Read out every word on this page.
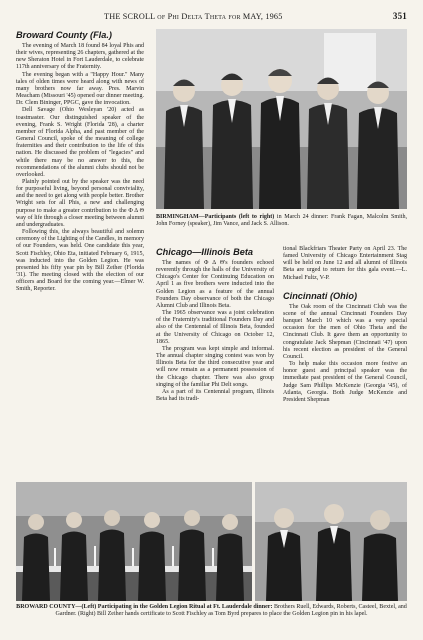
THE SCROLL of Phi Delta Theta for MAY, 1965	351
Broward County (Fla.)

The evening of March 18 found 84 loyal Phis and their wives, representing 26 chapters, gathered at the new Sheraton Hotel in Fort Lauderdale, to celebrate 117th anniversary of the Fraternity.

The evening began with a "Happy Hour." Many tales of olden times were heard along with news of many brothers now far away. Pres. Marvin Meacham (Missouri '45) opened our dinner meeting. Dr. Clem Bininger, PPGC, gave the invocation.

Dell Savage (Ohio Wesleyan '20) acted as toastmaster. Our distinguished speaker of the evening, Frank S. Wright (Florida '28), a charter member of Florida Alpha, and past member of the General Council, spoke of the meaning of college fraternities and their contribution to the life of this nation. He discussed the problem of "legacies" and while there may be no answer to this, the recommendations of the alumni clubs should not be overlooked.

Plainly pointed out by the speaker was the need for purposeful living, beyond personal conviviality, and the need to get along with people better. Brother Wright sets for all Phis, a new and challenging purpose to make a greater contribution to the Φ Δ Θ way of life through a closer meeting between alumni and undergraduates.

Following this, the always beautiful and solemn ceremony of the Lighting of the Candles, in memory of our Founders, was held. One candidate this year, Scott Fischley, Ohio Eta, initiated February 6, 1915, was inducted into the Golden Legion. He was presented his fifty year pin by Bill Zeiher (Florida '31). The meeting closed with the election of our officers and Board for the coming year.—Elmer W. Smith, Reporter.

BIRMINGHAM—Participants (left to right) in March 24 dinner: Frank Fagan, Malcolm Smith, John Forney (speaker), Jim Vance, and Jack S. Allison.
Chicago—Illinois Beta

The names of Φ Δ Θ's founders echoed reverently through the halls of the University of Chicago's Center for Continuing Education on April 1 as five brothers were inducted into the Golden Legion as a feature of the annual Founders Day observance of both the Chicago Alumni Club and Illinois Beta.

The 1965 observance was a joint celebration of the Fraternity's traditional Founders Day and also of the Centennial of Illinois Beta, founded at the University of Chicago on October 12, 1865.

The program was kept simple and informal. The annual chapter singing contest was won by Illinois Beta for the third consecutive year and will now remain as a permanent possession of the Chicago chapter. There was also group singing of the familiar Phi Delt songs.

As a part of its Centennial program, Illinois Beta had its tradi-

tional Blackfriars Theater Party on April 23. The famed University of Chicago Entertainment Stag will be held on June 12 and all alumni of Illinois Beta are urged to return for this gala event.—L. Michael Fultz, V-P.

Cincinnati (Ohio)

The Oak room of the Cincinnati Club was the scene of the annual Cincinnati Founders Day banquet March 10 which was a very special occasion for the men of Ohio Theta and the Cincinnati Club. It gave them an opportunity to congratulate Jack Shepman (Cincinnati '47) upon his recent election as president of the General Council.

To help make this occasion more festive an honor guest and principal speaker was the immediate past president of the General Council, Judge Sam Phillips McKenzie (Georgia '45), of Atlanta, Georgia. Both Judge McKenzie and President Shepman

BROWARD COUNTY—(Left) Participating in the Golden Legion Ritual at Ft. Lauderdale dinner: Brothers Ruell, Edwards, Roberts, Casteel, Bextel, and Gardner. (Right) Bill Zeiher hands certificate to Scott Fischley as Tom Byrd prepares to place the Golden Legion pin in his lapel.
